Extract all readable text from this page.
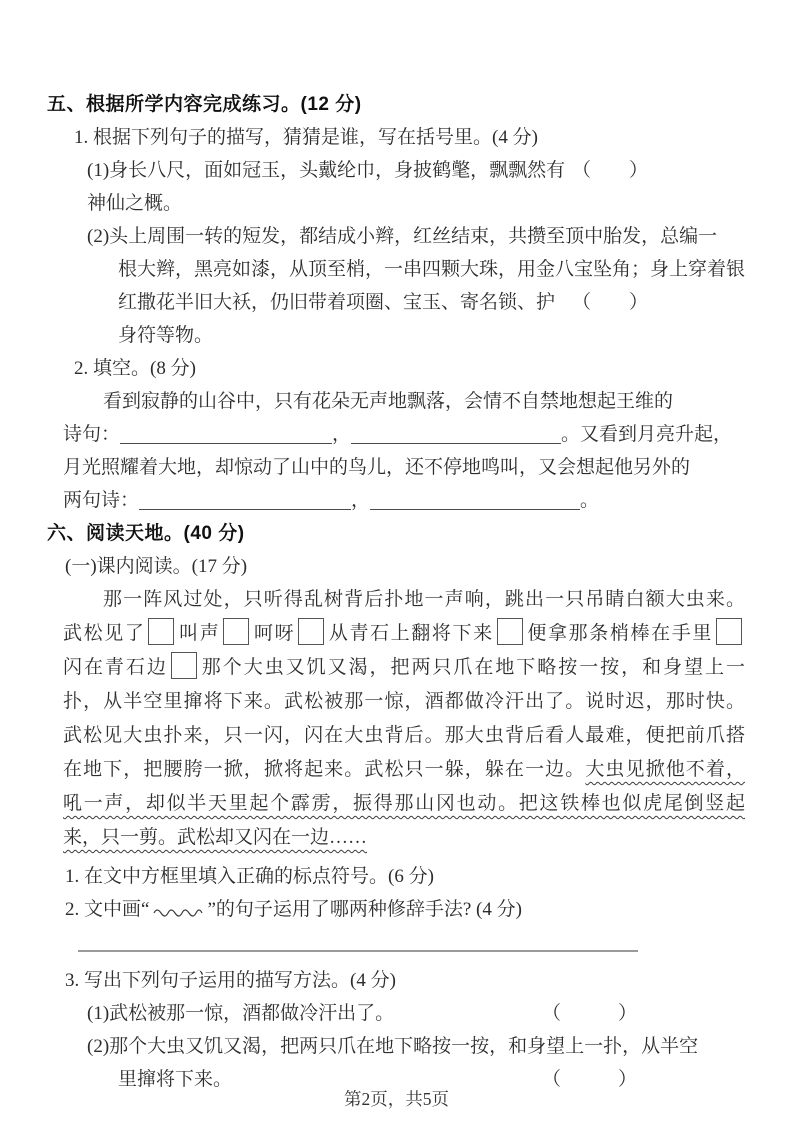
五、根据所学内容完成练习。(12 分)
1. 根据下列句子的描写，猜猜是谁，写在括号里。(4 分)
(1)身长八尺，面如冠玉，头戴纶巾，身披鹤氅，飘飘然有神仙之概。
（　　）
(2)头上周围一转的短发，都结成小辫，红丝结束，共攒至顶中胎发，总编一
根大辫，黑亮如漆，从顶至梢，一串四颗大珠，用金八宝坠角；身上穿着银
红撒花半旧大袄，仍旧带着项圈、宝玉、寄名锁、护身符等物。
（　　）
2. 填空。(8 分)
看到寂静的山谷中，只有花朵无声地飘落，会情不自禁地想起王维的
诗句：	，	。又看到月亮升起，
月光照耀着大地，却惊动了山中的鸟儿，还不停地鸣叫，又会想起他另外的
两句诗：	，	。
六、阅读天地。(40 分)
(一)课内阅读。(17 分)
那一阵风过处，只听得乱树背后扑地一声响，跳出一只吊睛白额大虫来。
武松见了 叫声 呵呀 从青石上翻将下来 便拿那条梢棒在手里
闪在青石边 那个大虫又饥又渴，把两只爪在地下略按一按，和身望上一
扑，从半空里撺将下来。武松被那一惊，酒都做冷汗出了。说时迟，那时快。
武松见大虫扑来，只一闪，闪在大虫背后。那大虫背后看人最难，便把前爪搭
在地下，把腰胯一掀，掀将起来。武松只一躲，躲在一边。大虫见掀他不着，
吼一声，却似半天里起个霹雳，振得那山冈也动。把这铁棒也似虎尾倒竖起
来，只一剪。武松却又闪在一边……
1. 在文中方框里填入正确的标点符号。(6 分)
2. 文中画“	”的句子运用了哪两种修辞手法? (4 分)
3. 写出下列句子运用的描写方法。(4 分)
(1)武松被那一惊，酒都做冷汗出了。	（　　　）
(2)那个大虫又饥又渴，把两只爪在地下略按一按，和身望上一扑，从半空
里撺将下来。	（　　　）
第2页，共5页
